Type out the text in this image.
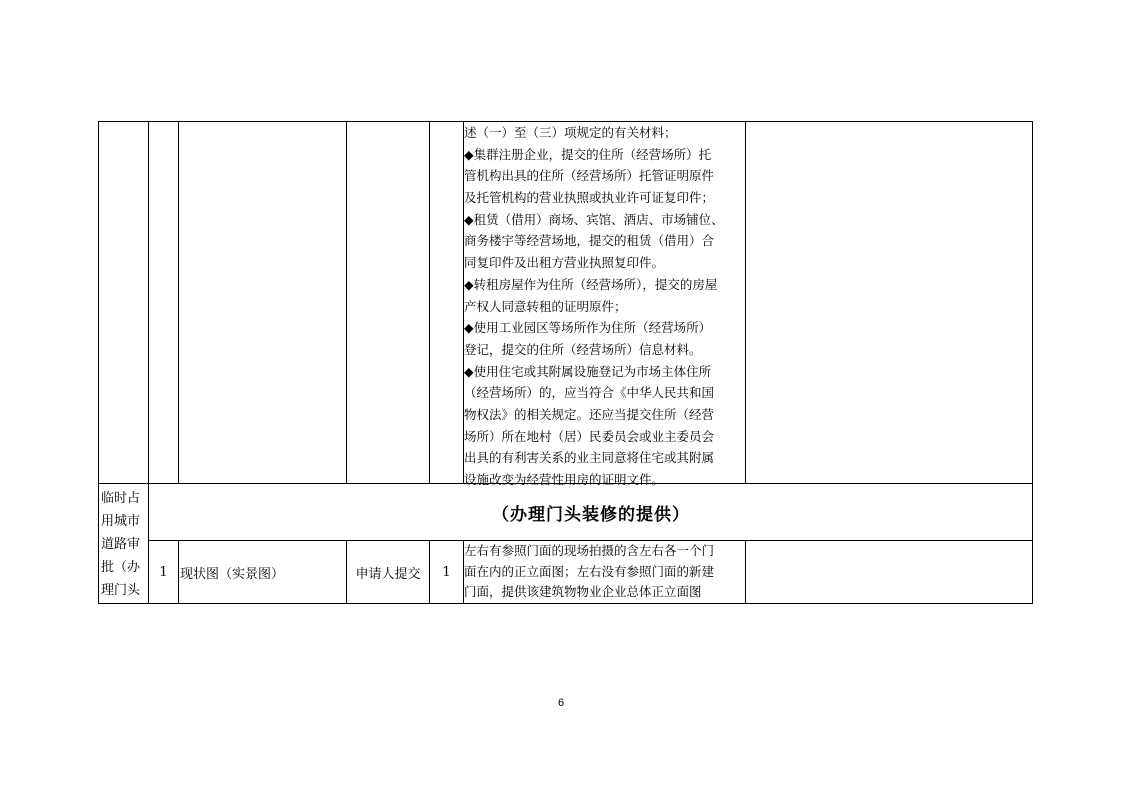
述（一）至（三）项规定的有关材料；
◆集群注册企业，提交的住所（经营场所）托
管机构出具的住所（经营场所）托管证明原件
及托管机构的营业执照或执业许可证复印件；
◆租赁（借用）商场、宾馆、酒店、市场铺位、
商务楼宇等经营场地，提交的租赁（借用）合
同复印件及出租方营业执照复印件。
◆转租房屋作为住所（经营场所），提交的房屋
产权人同意转租的证明原件；
◆使用工业园区等场所作为住所（经营场所）
登记，提交的住所（经营场所）信息材料。
◆使用住宅或其附属设施登记为市场主体住所
（经营场所）的，应当符合《中华人民共和国
物权法》的相关规定。还应当提交住所（经营
场所）所在地村（居）民委员会或业主委员会
出具的有利害关系的业主同意将住宅或其附属
设施改变为经营性用房的证明文件。
临时占
用城市
道路审
批（办
理门头
（办理门头装修的提供）
1 现状图（实景图）	申请人提交	1
左右有参照门面的现场拍摄的含左右各一个门
面在内的正立面图；左右没有参照门面的新建
门面，提供该建筑物物业企业总体正立面图
6
